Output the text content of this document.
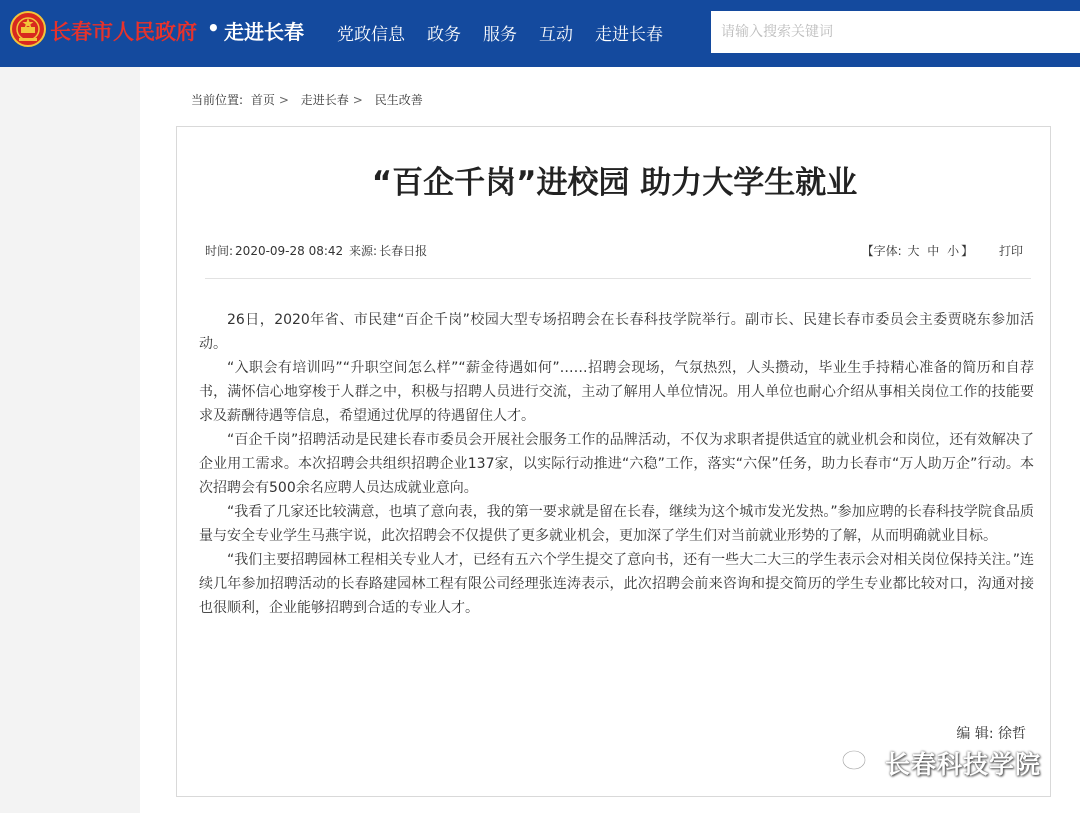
长春市人民政府 • 走进长春 党政信息 政务 服务 互动 走进长春
请输入搜索关键词
当前位置: 首页 > 走进长春 > 民生改善
“百企千岗”进校园 助力大学生就业
时间: 2020-09-28 08:42 来源: 长春日报	【字体: 大 中 小 】 打印

26日，2020年省、市民建“百企千岗”校园大型专场招聘会在长春科技学院举行。副市长、民建长春市委员会主委贾晓东参加活动。

“入职会有培训吗”“升职空间怎么样”“薪金待遇如何”……招聘会现场，气氛热烈，人头攒动，毕业生手持精心准备的简历和自荐书，满怀信心地穿梭于人群之中，积极与招聘人员进行交流，主动了解用人单位情况。用人单位也耐心介绍从事相关岗位工作的技能要求及薪酬待遇等信息，希望通过优厚的待遇留住人才。

“百企千岗”招聘活动是民建长春市委员会开展社会服务工作的品牌活动，不仅为求职者提供适宜的就业机会和岗位，还有效解决了企业用工需求。本次招聘会共组织招聘企业137家，以实际行动推进“六稳”工作，落实“六保”任务，助力长春市“万人助万企”行动。本次招聘会有500余名应聘人员达成就业意向。

“我看了几家还比较满意，也填了意向表，我的第一要求就是留在长春，继续为这个城市发光发热。”参加应聘的长春科技学院食品质量与安全专业学生马燕宇说，此次招聘会不仅提供了更多就业机会，更加深了学生们对当前就业形势的了解，从而明确就业目标。

“我们主要招聘园林工程相关专业人才，已经有五六个学生提交了意向书，还有一些大二大三的学生表示会对相关岗位保持关注。”连续几年参加招聘活动的长春路建园林工程有限公司经理张连涛表示，此次招聘会前来咨询和提交简历的学生专业都比较对口，沟通对接也很顺利，企业能够招聘到合适的专业人才。

编 辑: 徐哲
长春科技学院
